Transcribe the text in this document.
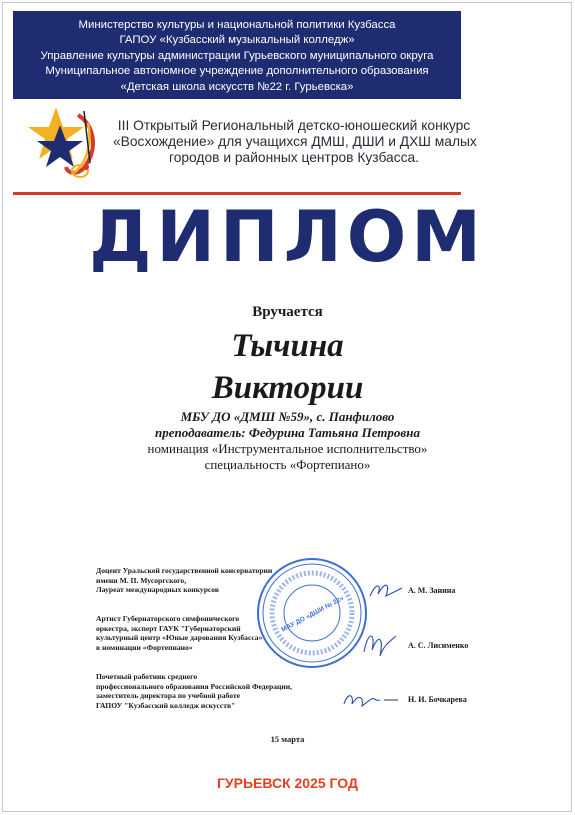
Министерство культуры и национальной политики Кузбасса
ГАПОУ «Кузбасский музыкальный колледж»
Управление культуры администрации Гурьевского муниципального округа
Муниципальное автономное учреждение дополнительного образования
«Детская школа искусств №22 г. Гурьевска»
III Открытый Региональный детско-юношеский конкурс
«Восхождение» для учащихся ДМШ, ДШИ и ДХШ малых
городов и районных центров Кузбасса.
ДИПЛОМ
Вручается
Тычина
Виктории
МБУ ДО «ДМШ №59», с. Панфилово
преподаватель: Федурина Татьяна Петровна
номинация «Инструментальное исполнительство»
специальность «Фортепиано»
Доцент Уральской государственной консерватории
имени М. П. Мусоргского,
Лауреат международных конкурсов
Артист Губернаторского симфонического
оркестра, эксперт ГАУК "Губернаторский
культурный центр «Юные дарования Кузбасса»
в номинации «Фортепиано»
Почетный работник среднего
профессионального образования Российской Федерации,
заместитель директора по учебной работе
ГАПОУ "Кузбасский колледж искусств"
МАУ ДО «ДШИ № 22»
А. М. Занина
А. С. Лисименко
Н. И. Бочкарева
15 марта
ГУРЬЕВСК 2025 ГОД
